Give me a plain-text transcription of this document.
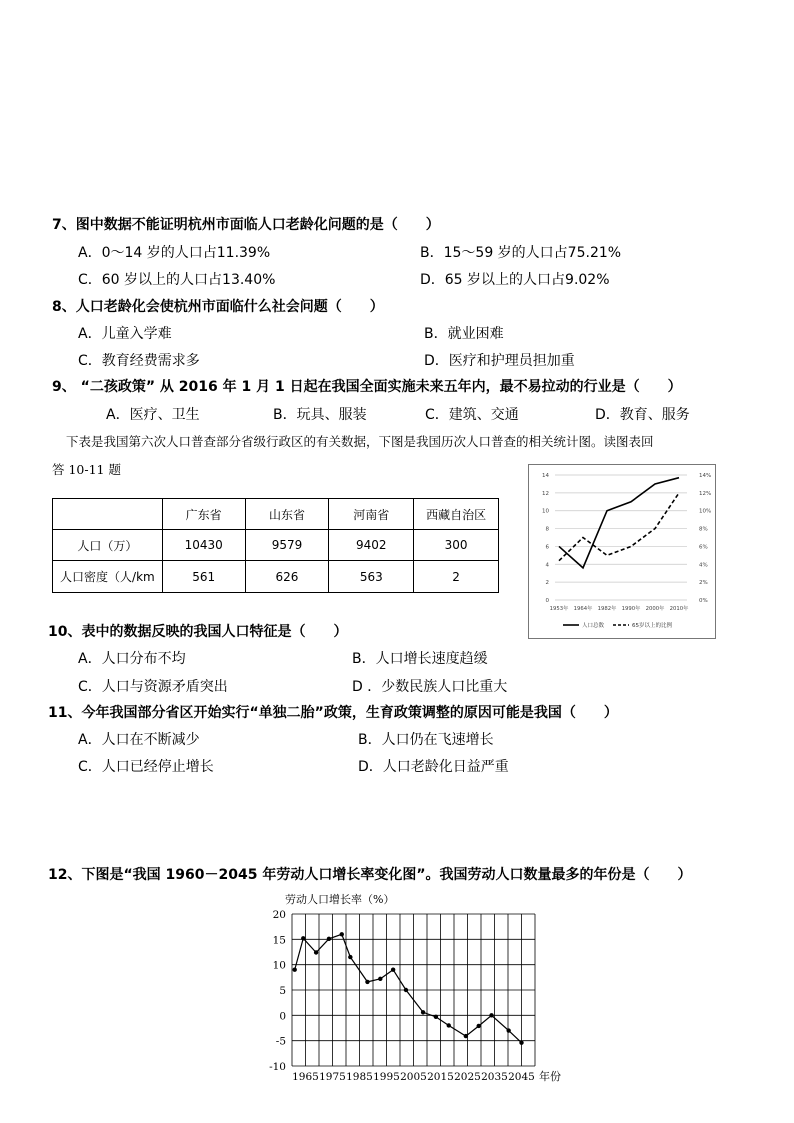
7、图中数据不能证明杭州市面临人口老龄化问题的是（　　）
A．0～14 岁的人口占11.39%	B．15～59 岁的人口占75.21%
C．60 岁以上的人口占13.40%	D．65 岁以上的人口占9.02%
8、人口老龄化会使杭州市面临什么社会问题（　　）
A．儿童入学难	B．就业困难
C．教育经费需求多	D．医疗和护理员担加重
9、 “二孩政策” 从 2016 年 1 月 1 日起在我国全面实施未来五年内，最不易拉动的行业是（　　）
A．医疗、卫生	B．玩具、服装	C．建筑、交通	D．教育、服务
下表是我国第六次人口普查部分省级行政区的有关数据，下图是我国历次人口普查的相关统计图。读图表回
答 10-11 题
	广东省	山东省	河南省	西藏自治区
人口（万）	10430	9579	9402	300
人口密度（人/km	561	626	563	2
0	0%
2	2%
4	4%
6	6%
8	8%
10	10%
12	12%
14	14%
1953年 1964年 1982年 1990年 2000年 2010年
人口总数	65岁以上的比例
10、表中的数据反映的我国人口特征是（　　）
A．人口分布不均	B．人口增长速度趋缓
C．人口与资源矛盾突出	D ．少数民族人口比重大
11、今年我国部分省区开始实行“单独二胎”政策，生育政策调整的原因可能是我国（　　）
A．人口在不断减少	B．人口仍在飞速增长
C．人口已经停止增长	D．人口老龄化日益严重
12、下图是“我国 1960－2045 年劳动人口增长率变化图”。我国劳动人口数量最多的年份是（　　）
劳动人口增长率（%）
20
15
10
5
0
-5
-10
1965 1975 1985 1995 2005 2015 2025 2035 2045 年份
